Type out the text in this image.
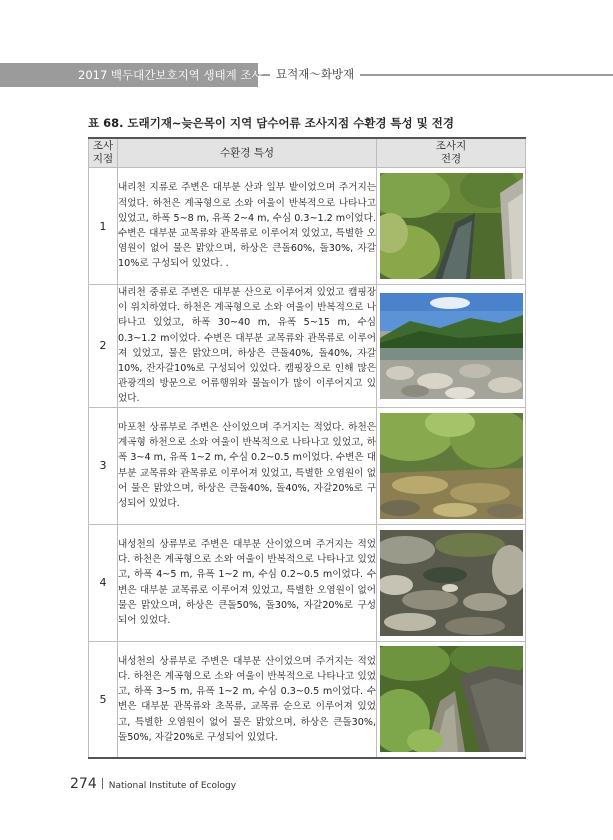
2017 백두대간보호지역 생태계 조사	묘적재～화방재
표 68. 도래기재~늦은목이 지역 담수어류 조사지점 수환경 특성 및 전경
조사
지점	수환경 특성	조사지
전경
1	내리천 지류로 주변은 대부분 산과 일부 밭이었으며 주거지는 적었다. 하천은 계곡형으로 소와 여울이 반복적으로 나타나고 있었고, 하폭 5~8 m, 유폭 2~4 m, 수심 0.3~1.2 m이었다. 수변은 대부분 교목류와 관목류로 이루어져 있었고, 특별한 오염원이 없어 물은 맑았으며, 하상은 큰돌60%, 돌30%, 자갈10%로 구성되어 있었다. .	

2	내리천 중류로 주변은 대부분 산으로 이루어져 있었고 캠핑장이 위치하였다. 하천은 계곡형으로 소와 여울이 반복적으로 나타나고 있었고, 하폭 30~40 m, 유폭 5~15 m, 수심 0.3~1.2 m이었다. 수변은 대부분 교목류와 관목류로 이루어져 있었고, 물은 맑았으며, 하상은 큰돌40%, 돌40%, 자갈10%, 잔자갈10%로 구성되어 있었다. 캠핑장으로 인해 많은 관광객의 방문으로 어류행위와 물놀이가 많이 이루어지고 있었다.	

3	마포천 상류부로 주변은 산이었으며 주거지는 적었다. 하천은 계곡형 하천으로 소와 여울이 반복적으로 나타나고 있었고, 하폭 3~4 m, 유폭 1~2 m, 수심 0.2~0.5 m이었다. 수변은 대부분 교목류와 관목류로 이루어져 있었고, 특별한 오염원이 없어 물은 맑았으며, 하상은 큰돌40%, 돌40%, 자갈20%로 구성되어 있었다.	

4	내성천의 상류부로 주변은 대부분 산이었으며 주거지는 적었다. 하천은 계곡형으로 소와 여울이 반복적으로 나타나고 있었고, 하폭 4~5 m, 유폭 1~2 m, 수심 0.2~0.5 m이었다. 수변은 대부분 교목류로 이루어져 있었고, 특별한 오염원이 없어 물은 맑았으며, 하상은 큰돌50%, 돌30%, 자갈20%로 구성되어 있었다.	

5	내성천의 상류부로 주변은 대부분 산이었으며 주거지는 적었다. 하천은 계곡형으로 소와 여울이 반복적으로 나타나고 있었고, 하폭 3~5 m, 유폭 1~2 m, 수심 0.3~0.5 m이었다. 수변은 대부분 관목류와 초목류, 교목류 순으로 이루어져 있었고, 특별한 오염원이 없어 물은 맑았으며, 하상은 큰돌30%, 돌50%, 자갈20%로 구성되어 있었다.	
274 National Institute of Ecology
